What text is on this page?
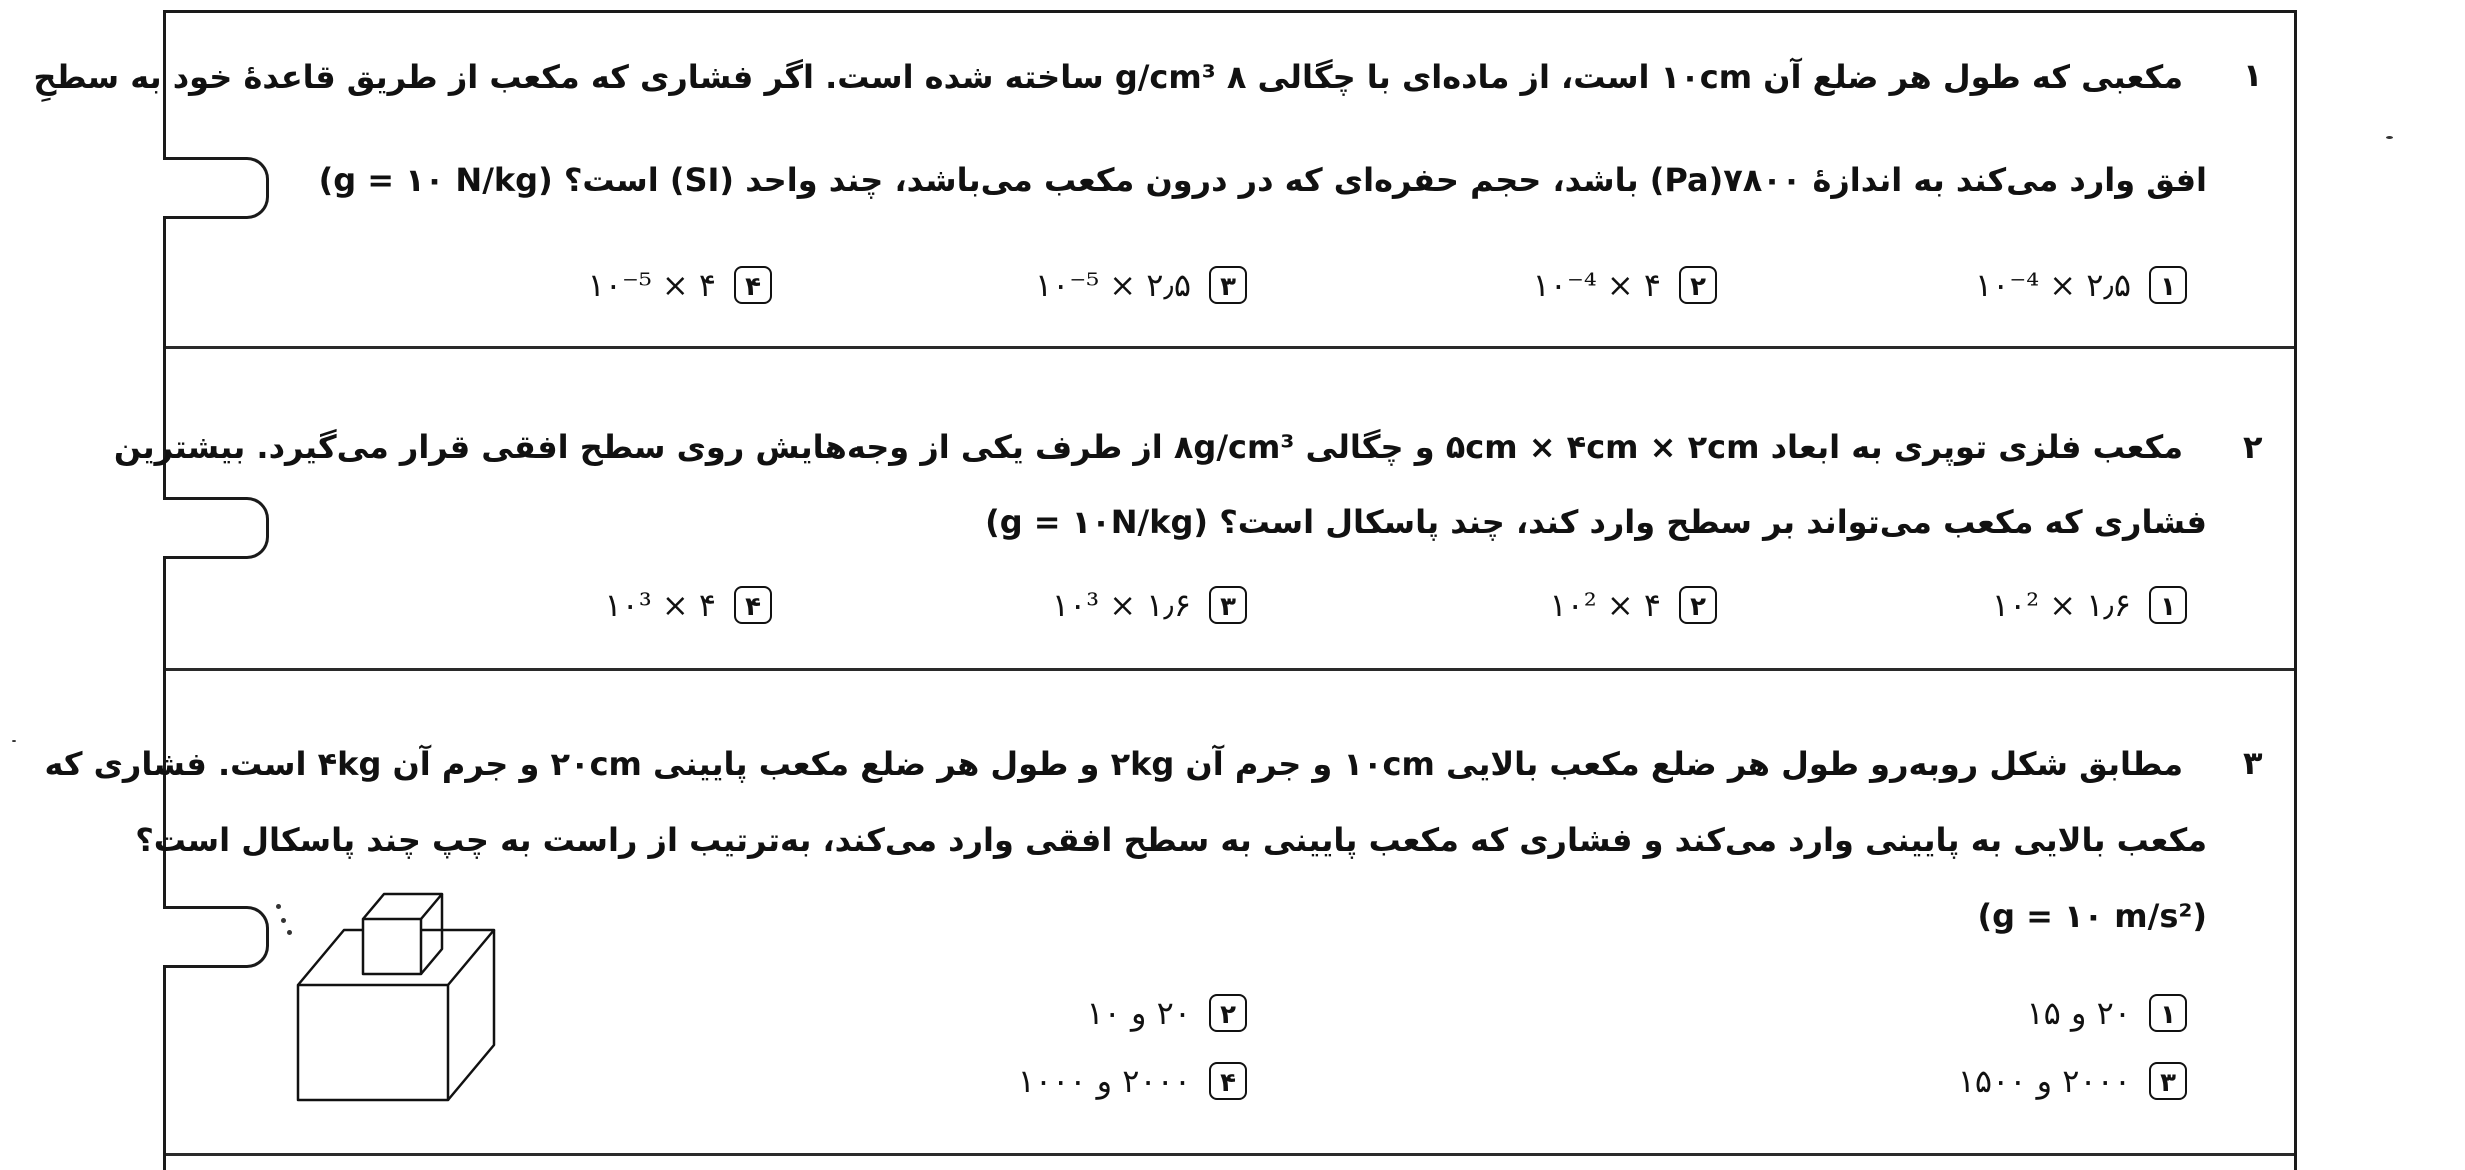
۱
مکعبی که طول هر ضلع آن ۱۰cm است، از ماده‌ای با چگالی ۸ g/cm³ ساخته شده است. اگر فشاری که مکعب از طریق قاعدهٔ خود به سطحِ
افق وارد می‌کند به اندازهٔ ۷۸۰۰(Pa) باشد، حجم حفره‌ای که در درون مکعب می‌باشد، چند واحد (SI) است؟ (g = ۱۰ N/kg)
۱
۲٫۵ × ۱۰⁻⁴
۲
۴ × ۱۰⁻⁴
۳
۲٫۵ × ۱۰⁻⁵
۴
۴ × ۱۰⁻⁵
۲
مکعب فلزی توپری به ابعاد ۵cm × ۴cm × ۲cm و چگالی ۸g/cm³ از طرف یکی از وجه‌هایش روی سطح افقی قرار می‌گیرد. بیشترین
فشاری که مکعب می‌تواند بر سطح وارد کند، چند پاسکال است؟ (g = ۱۰N/kg)
۱
۱٫۶ × ۱۰²
۲
۴ × ۱۰²
۳
۱٫۶ × ۱۰³
۴
۴ × ۱۰³
۳
مطابق شکل روبه‌رو طول هر ضلع مکعب بالایی ۱۰cm و جرم آن ۲kg و طول هر ضلع مکعب پایینی ۲۰cm و جرم آن ۴kg است. فشاری که
مکعب بالایی به پایینی وارد می‌کند و فشاری که مکعب پایینی به سطح افقی وارد می‌کند، به‌ترتیب از راست به چپ چند پاسکال است؟
(g = ۱۰ m/s²)
۱
۲۰ و ۱۵
۲
۲۰ و ۱۰
۳
۲۰۰۰ و ۱۵۰۰
۴
۲۰۰۰ و ۱۰۰۰
